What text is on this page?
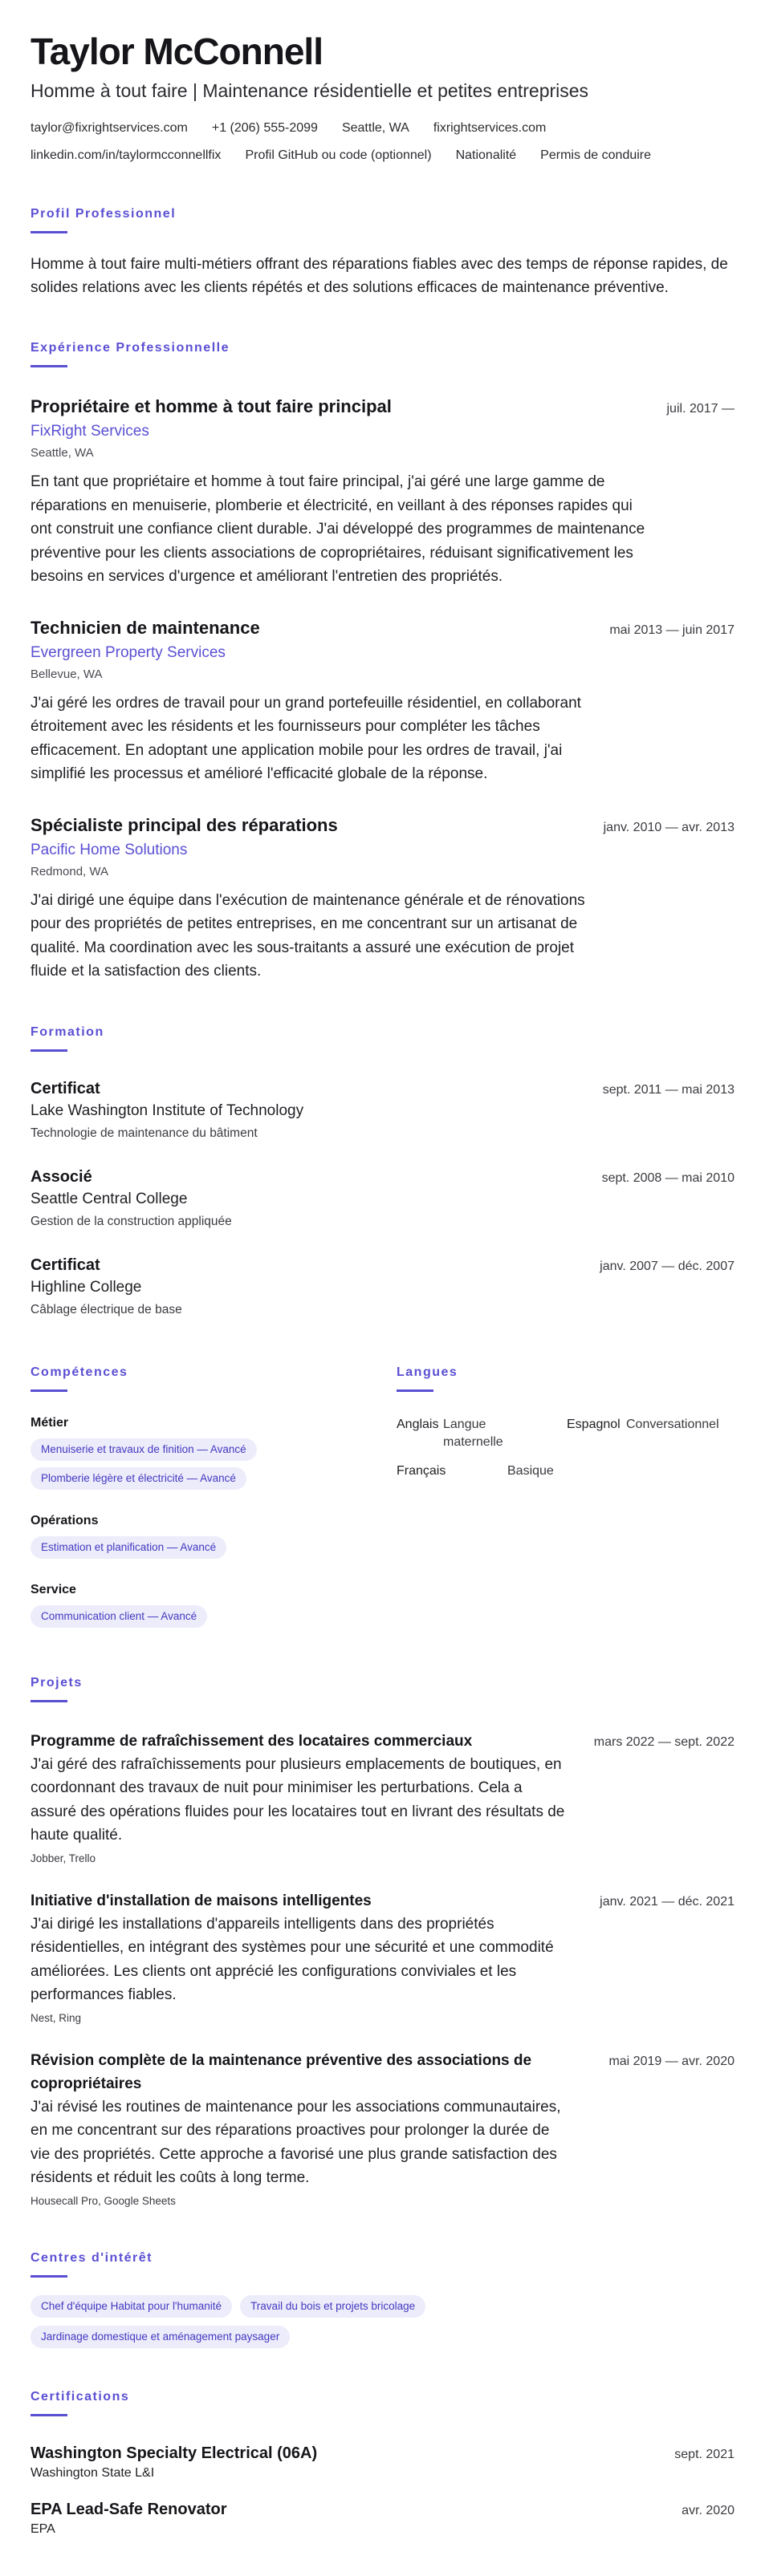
Taylor McConnell
Homme à tout faire | Maintenance résidentielle et petites entreprises
taylor@fixrightservices.com +1 (206) 555-2099 Seattle, WA fixrightservices.com
linkedin.com/in/taylormcconnellfix Profil GitHub ou code (optionnel) Nationalité Permis de conduire
Profil Professionnel
Homme à tout faire multi-métiers offrant des réparations fiables avec des temps de réponse rapides, de solides relations avec les clients répétés et des solutions efficaces de maintenance préventive.
Expérience Professionnelle
Propriétaire et homme à tout faire principal	juil. 2017 —
FixRight Services
Seattle, WA
En tant que propriétaire et homme à tout faire principal, j'ai géré une large gamme de réparations en menuiserie, plomberie et électricité, en veillant à des réponses rapides qui ont construit une confiance client durable. J'ai développé des programmes de maintenance préventive pour les clients associations de copropriétaires, réduisant significativement les besoins en services d'urgence et améliorant l'entretien des propriétés.
Technicien de maintenance	mai 2013 — juin 2017
Evergreen Property Services
Bellevue, WA
J'ai géré les ordres de travail pour un grand portefeuille résidentiel, en collaborant étroitement avec les résidents et les fournisseurs pour compléter les tâches efficacement. En adoptant une application mobile pour les ordres de travail, j'ai simplifié les processus et amélioré l'efficacité globale de la réponse.
Spécialiste principal des réparations	janv. 2010 — avr. 2013
Pacific Home Solutions
Redmond, WA
J'ai dirigé une équipe dans l'exécution de maintenance générale et de rénovations pour des propriétés de petites entreprises, en me concentrant sur un artisanat de qualité. Ma coordination avec les sous-traitants a assuré une exécution de projet fluide et la satisfaction des clients.
Formation
Certificat	sept. 2011 — mai 2013
Lake Washington Institute of Technology
Technologie de maintenance du bâtiment
Associé	sept. 2008 — mai 2010
Seattle Central College
Gestion de la construction appliquée
Certificat	janv. 2007 — déc. 2007
Highline College
Câblage électrique de base
Compétences
Métier
Menuiserie et travaux de finition — Avancé
Plomberie légère et électricité — Avancé
Opérations
Estimation et planification — Avancé
Service
Communication client — Avancé
Langues
Anglais Langue maternelle
Espagnol Conversationnel
Français	Basique
Projets
Programme de rafraîchissement des locataires commerciaux	mars 2022 — sept. 2022
J'ai géré des rafraîchissements pour plusieurs emplacements de boutiques, en coordonnant des travaux de nuit pour minimiser les perturbations. Cela a assuré des opérations fluides pour les locataires tout en livrant des résultats de haute qualité.
Jobber, Trello
Initiative d'installation de maisons intelligentes	janv. 2021 — déc. 2021
J'ai dirigé les installations d'appareils intelligents dans des propriétés résidentielles, en intégrant des systèmes pour une sécurité et une commodité améliorées. Les clients ont apprécié les configurations conviviales et les performances fiables.
Nest, Ring
Révision complète de la maintenance préventive des associations de copropriétaires
mai 2019 — avr. 2020
J'ai révisé les routines de maintenance pour les associations communautaires, en me concentrant sur des réparations proactives pour prolonger la durée de vie des propriétés. Cette approche a favorisé une plus grande satisfaction des résidents et réduit les coûts à long terme.
Housecall Pro, Google Sheets
Centres d'intérêt
Chef d'équipe Habitat pour l'humanité	Travail du bois et projets bricolage
Jardinage domestique et aménagement paysager
Certifications
Washington Specialty Electrical (06A)	sept. 2021
Washington State L&I
EPA Lead-Safe Renovator	avr. 2020
EPA
